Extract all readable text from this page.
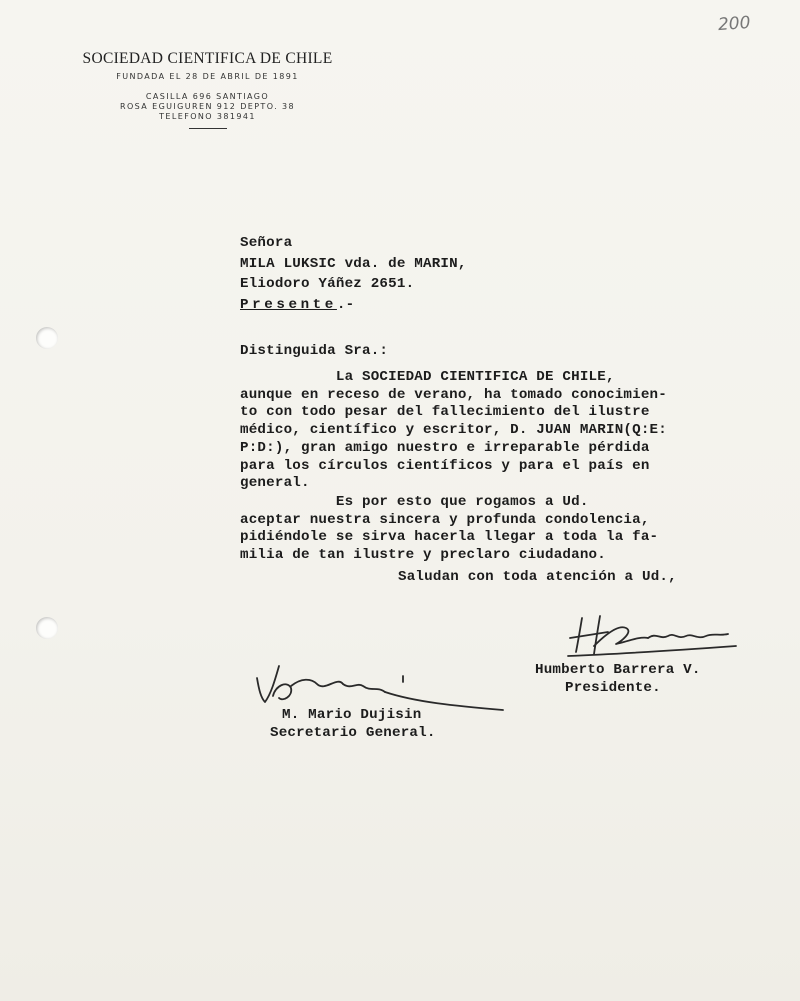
200
SOCIEDAD CIENTIFICA DE CHILE
FUNDADA EL 28 DE ABRIL DE 1891
CASILLA 696 SANTIAGO
ROSA EGUIGUREN 912 DEPTO. 38
TELEFONO 381941
Señora
MILA LUKSIC vda. de MARIN,
Eliodoro Yáñez 2651.
Presente.-
Distinguida Sra.:
La SOCIEDAD CIENTIFICA DE CHILE,
aunque en receso de verano, ha tomado conocimien-
to con todo pesar del fallecimiento del ilustre
médico, científico y escritor, D. JUAN MARIN(Q:E:
P:D:), gran amigo nuestro e irreparable pérdida
para los círculos científicos y para el país en
general.
Es por esto que rogamos a Ud.
aceptar nuestra sincera y profunda condolencia,
pidiéndole se sirva hacerla llegar a toda la fa-
milia de tan ilustre y preclaro ciudadano.
Saludan con toda atención a Ud.,
Humberto Barrera V.
Presidente.
M. Mario Dujisin
Secretario General.
